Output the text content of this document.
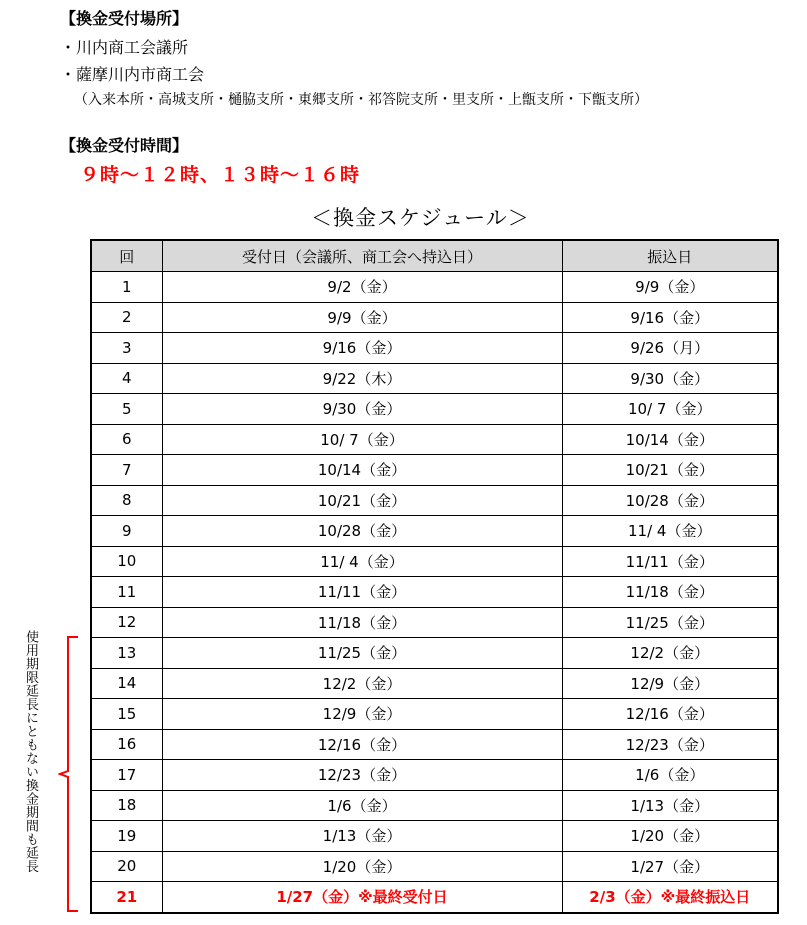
【換金受付場所】
・川内商工会議所
・薩摩川内市商工会
（入来本所・高城支所・樋脇支所・東郷支所・祁答院支所・里支所・上甑支所・下甑支所）
【換金受付時間】
９時～１２時、１３時～１６時
＜換金スケジュール＞
回	受付日（会議所、商工会へ持込日）	振込日
1	9/2（金）	9/9（金）
2	9/9（金）	9/16（金）
3	9/16（金）	9/26（月）
4	9/22（木）	9/30（金）
5	9/30（金）	10/ 7（金）
6	10/ 7（金）	10/14（金）
7	10/14（金）	10/21（金）
8	10/21（金）	10/28（金）
9	10/28（金）	11/ 4（金）
10	11/ 4（金）	11/11（金）
11	11/11（金）	11/18（金）
12	11/18（金）	11/25（金）
13	11/25（金）	12/2（金）
14	12/2（金）	12/9（金）
15	12/9（金）	12/16（金）
16	12/16（金）	12/23（金）
17	12/23（金）	1/6（金）
18	1/6（金）	1/13（金）
19	1/13（金）	1/20（金）
20	1/20（金）	1/27（金）
21	1/27（金）※最終受付日	2/3（金）※最終振込日
使用期限延長にともない換金期間も延長
